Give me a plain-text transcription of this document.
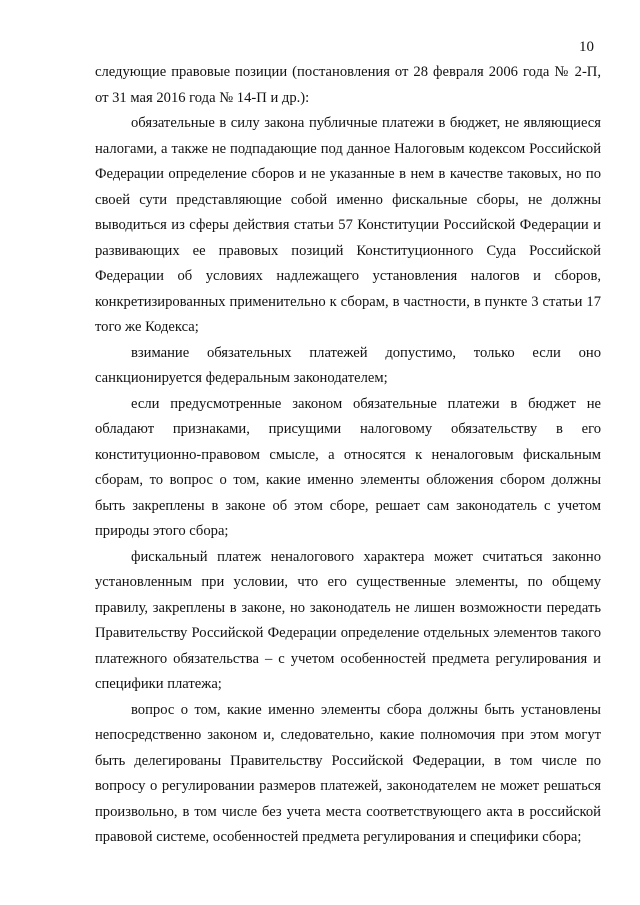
10

следующие правовые позиции (постановления от 28 февраля 2006 года № 2-П, от 31 мая 2016 года № 14-П и др.):

обязательные в силу закона публичные платежи в бюджет, не являющиеся налогами, а также не подпадающие под данное Налоговым кодексом Российской Федерации определение сборов и не указанные в нем в качестве таковых, но по своей сути представляющие собой именно фискальные сборы, не должны выводиться из сферы действия статьи 57 Конституции Российской Федерации и развивающих ее правовых позиций Конституционного Суда Российской Федерации об условиях надлежащего установления налогов и сборов, конкретизированных применительно к сборам, в частности, в пункте 3 статьи 17 того же Кодекса;

взимание обязательных платежей допустимо, только если оно санкционируется федеральным законодателем;

если предусмотренные законом обязательные платежи в бюджет не обладают признаками, присущими налоговому обязательству в его конституционно-правовом смысле, а относятся к неналоговым фискальным сборам, то вопрос о том, какие именно элементы обложения сбором должны быть закреплены в законе об этом сборе, решает сам законодатель с учетом природы этого сбора;

фискальный платеж неналогового характера может считаться законно установленным при условии, что его существенные элементы, по общему правилу, закреплены в законе, но законодатель не лишен возможности передать Правительству Российской Федерации определение отдельных элементов такого платежного обязательства – с учетом особенностей предмета регулирования и специфики платежа;

вопрос о том, какие именно элементы сбора должны быть установлены непосредственно законом и, следовательно, какие полномочия при этом могут быть делегированы Правительству Российской Федерации, в том числе по вопросу о регулировании размеров платежей, законодателем не может решаться произвольно, в том числе без учета места соответствующего акта в российской правовой системе, особенностей предмета регулирования и специфики сбора;
